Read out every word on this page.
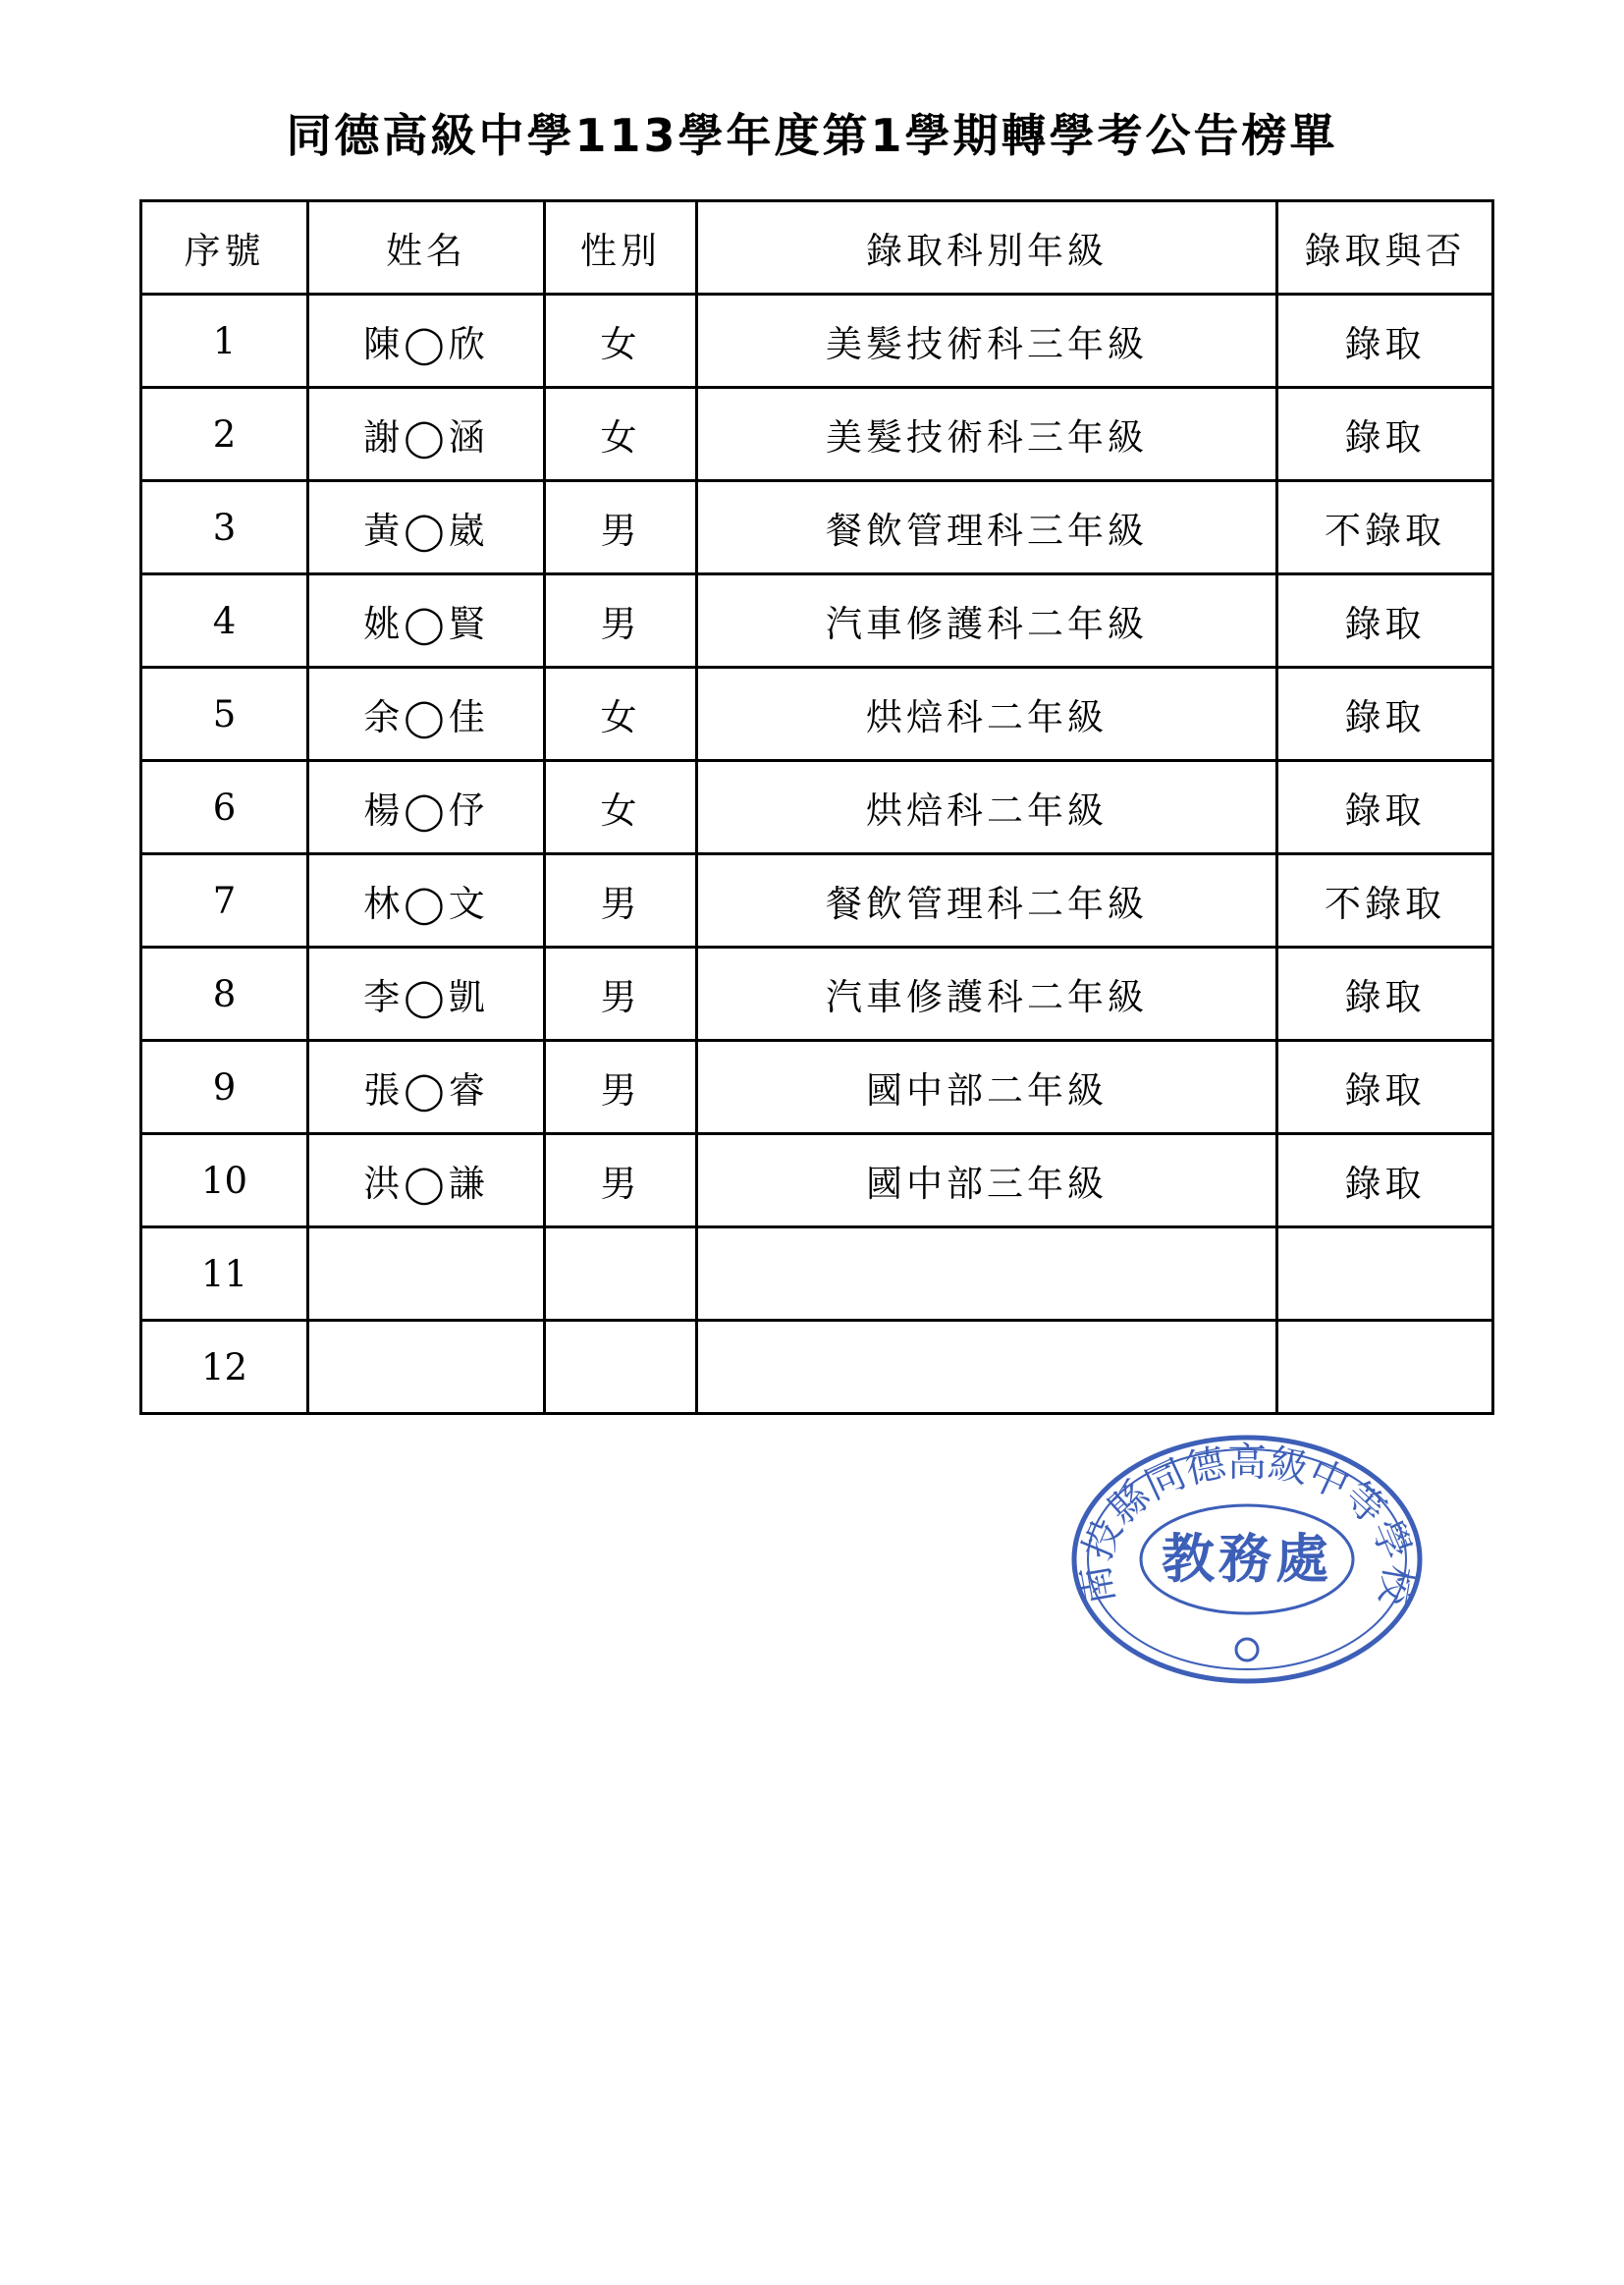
同德高級中學113學年度第1學期轉學考公告榜單
序號	姓名	性別	錄取科別年級	錄取與否
1	陳◯欣	女	美髮技術科三年級	錄取
2	謝◯涵	女	美髮技術科三年級	錄取
3	黃◯崴	男	餐飲管理科三年級	不錄取
4	姚◯賢	男	汽車修護科二年級	錄取
5	余◯佳	女	烘焙科二年級	錄取
6	楊◯伃	女	烘焙科二年級	錄取
7	林◯文	男	餐飲管理科二年級	不錄取
8	李◯凱	男	汽車修護科二年級	錄取
9	張◯睿	男	國中部二年級	錄取
10	洪◯謙	男	國中部三年級	錄取
11				
12				
南投縣同德高級中等學校
教務處
